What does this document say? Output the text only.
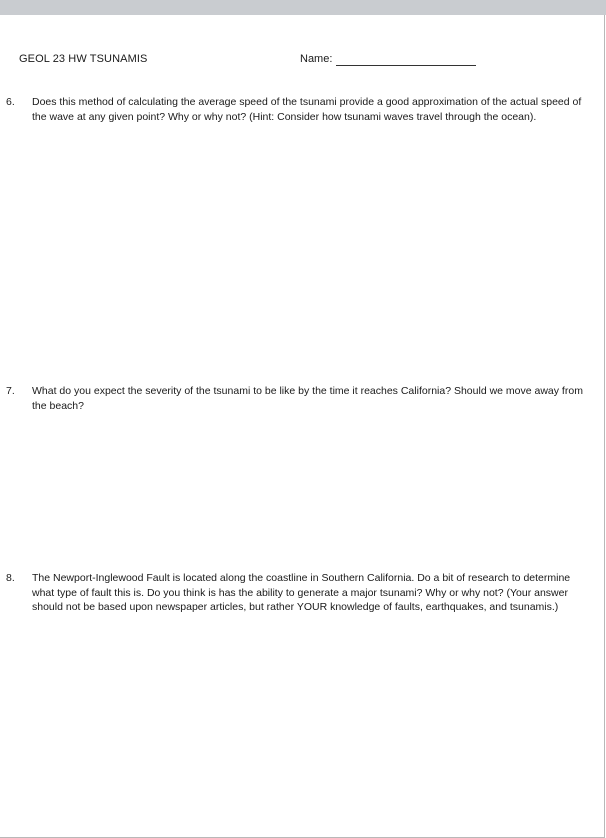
GEOL 23 HW TSUNAMIS	Name:
6. Does this method of calculating the average speed of the tsunami provide a good approximation of the actual speed of the wave at any given point? Why or why not? (Hint: Consider how tsunami waves travel through the ocean).
7. What do you expect the severity of the tsunami to be like by the time it reaches California? Should we move away from the beach?
8. The Newport-Inglewood Fault is located along the coastline in Southern California. Do a bit of research to determine what type of fault this is. Do you think is has the ability to generate a major tsunami? Why or why not? (Your answer should not be based upon newspaper articles, but rather YOUR knowledge of faults, earthquakes, and tsunamis.)
